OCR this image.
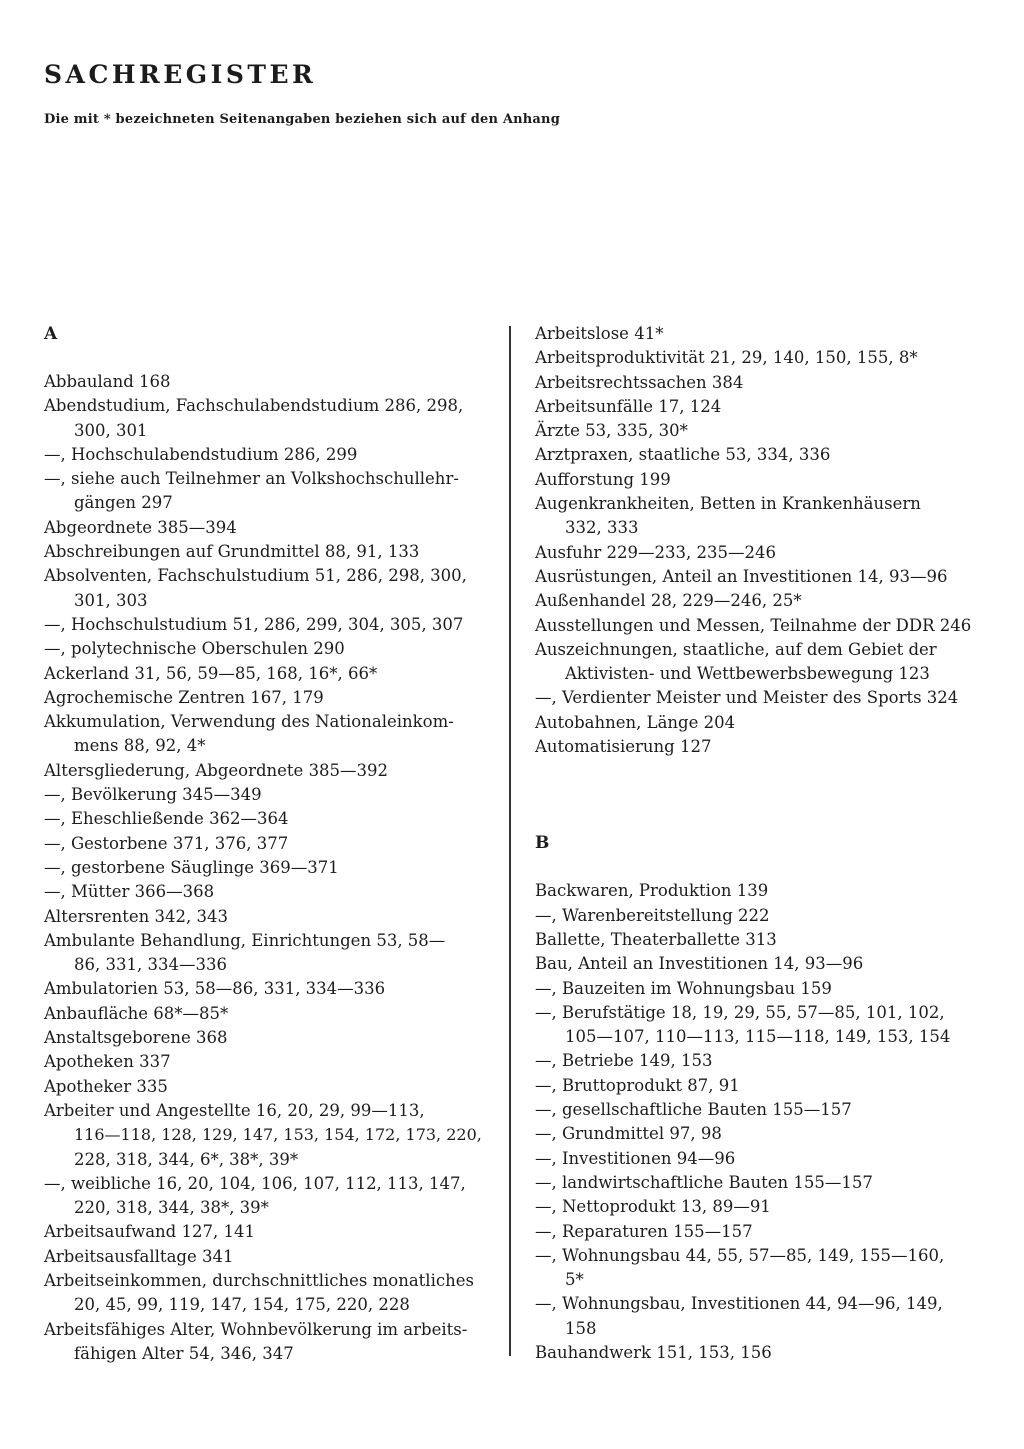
SACHREGISTER

Die mit * bezeichneten Seitenangaben beziehen sich auf den Anhang

A
Abbauland 168
Abendstudium, Fachschulabendstudium 286, 298,
300, 301
—, Hochschulabendstudium 286, 299
—, siehe auch Teilnehmer an Volkshochschullehr-
gängen 297
Abgeordnete 385—394
Abschreibungen auf Grundmittel 88, 91, 133
Absolventen, Fachschulstudium 51, 286, 298, 300,
301, 303
—, Hochschulstudium 51, 286, 299, 304, 305, 307
—, polytechnische Oberschulen 290
Ackerland 31, 56, 59—85, 168, 16*, 66*
Agrochemische Zentren 167, 179
Akkumulation, Verwendung des Nationaleinkom-
mens 88, 92, 4*
Altersgliederung, Abgeordnete 385—392
—, Bevölkerung 345—349
—, Eheschließende 362—364
—, Gestorbene 371, 376, 377
—, gestorbene Säuglinge 369—371
—, Mütter 366—368
Altersrenten 342, 343
Ambulante Behandlung, Einrichtungen 53, 58—
86, 331, 334—336
Ambulatorien 53, 58—86, 331, 334—336
Anbaufläche 68*—85*
Anstaltsgeborene 368
Apotheken 337
Apotheker 335
Arbeiter und Angestellte 16, 20, 29, 99—113,
116—118, 128, 129, 147, 153, 154, 172, 173, 220,
228, 318, 344, 6*, 38*, 39*
—, weibliche 16, 20, 104, 106, 107, 112, 113, 147,
220, 318, 344, 38*, 39*
Arbeitsaufwand 127, 141
Arbeitsausfalltage 341
Arbeitseinkommen, durchschnittliches monatliches
20, 45, 99, 119, 147, 154, 175, 220, 228
Arbeitsfähiges Alter, Wohnbevölkerung im arbeits-
fähigen Alter 54, 346, 347
Arbeitslose 41*
Arbeitsproduktivität 21, 29, 140, 150, 155, 8*
Arbeitsrechtssachen 384
Arbeitsunfälle 17, 124
Ärzte 53, 335, 30*
Arztpraxen, staatliche 53, 334, 336
Aufforstung 199
Augenkrankheiten, Betten in Krankenhäusern
332, 333
Ausfuhr 229—233, 235—246
Ausrüstungen, Anteil an Investitionen 14, 93—96
Außenhandel 28, 229—246, 25*
Ausstellungen und Messen, Teilnahme der DDR 246
Auszeichnungen, staatliche, auf dem Gebiet der
Aktivisten- und Wettbewerbsbewegung 123
—, Verdienter Meister und Meister des Sports 324
Autobahnen, Länge 204
Automatisierung 127
B
Backwaren, Produktion 139
—, Warenbereitstellung 222
Ballette, Theaterballette 313
Bau, Anteil an Investitionen 14, 93—96
—, Bauzeiten im Wohnungsbau 159
—, Berufstätige 18, 19, 29, 55, 57—85, 101, 102,
105—107, 110—113, 115—118, 149, 153, 154
—, Betriebe 149, 153
—, Bruttoprodukt 87, 91
—, gesellschaftliche Bauten 155—157
—, Grundmittel 97, 98
—, Investitionen 94—96
—, landwirtschaftliche Bauten 155—157
—, Nettoprodukt 13, 89—91
—, Reparaturen 155—157
—, Wohnungsbau 44, 55, 57—85, 149, 155—160,
5*
—, Wohnungsbau, Investitionen 44, 94—96, 149,
158
Bauhandwerk 151, 153, 156
